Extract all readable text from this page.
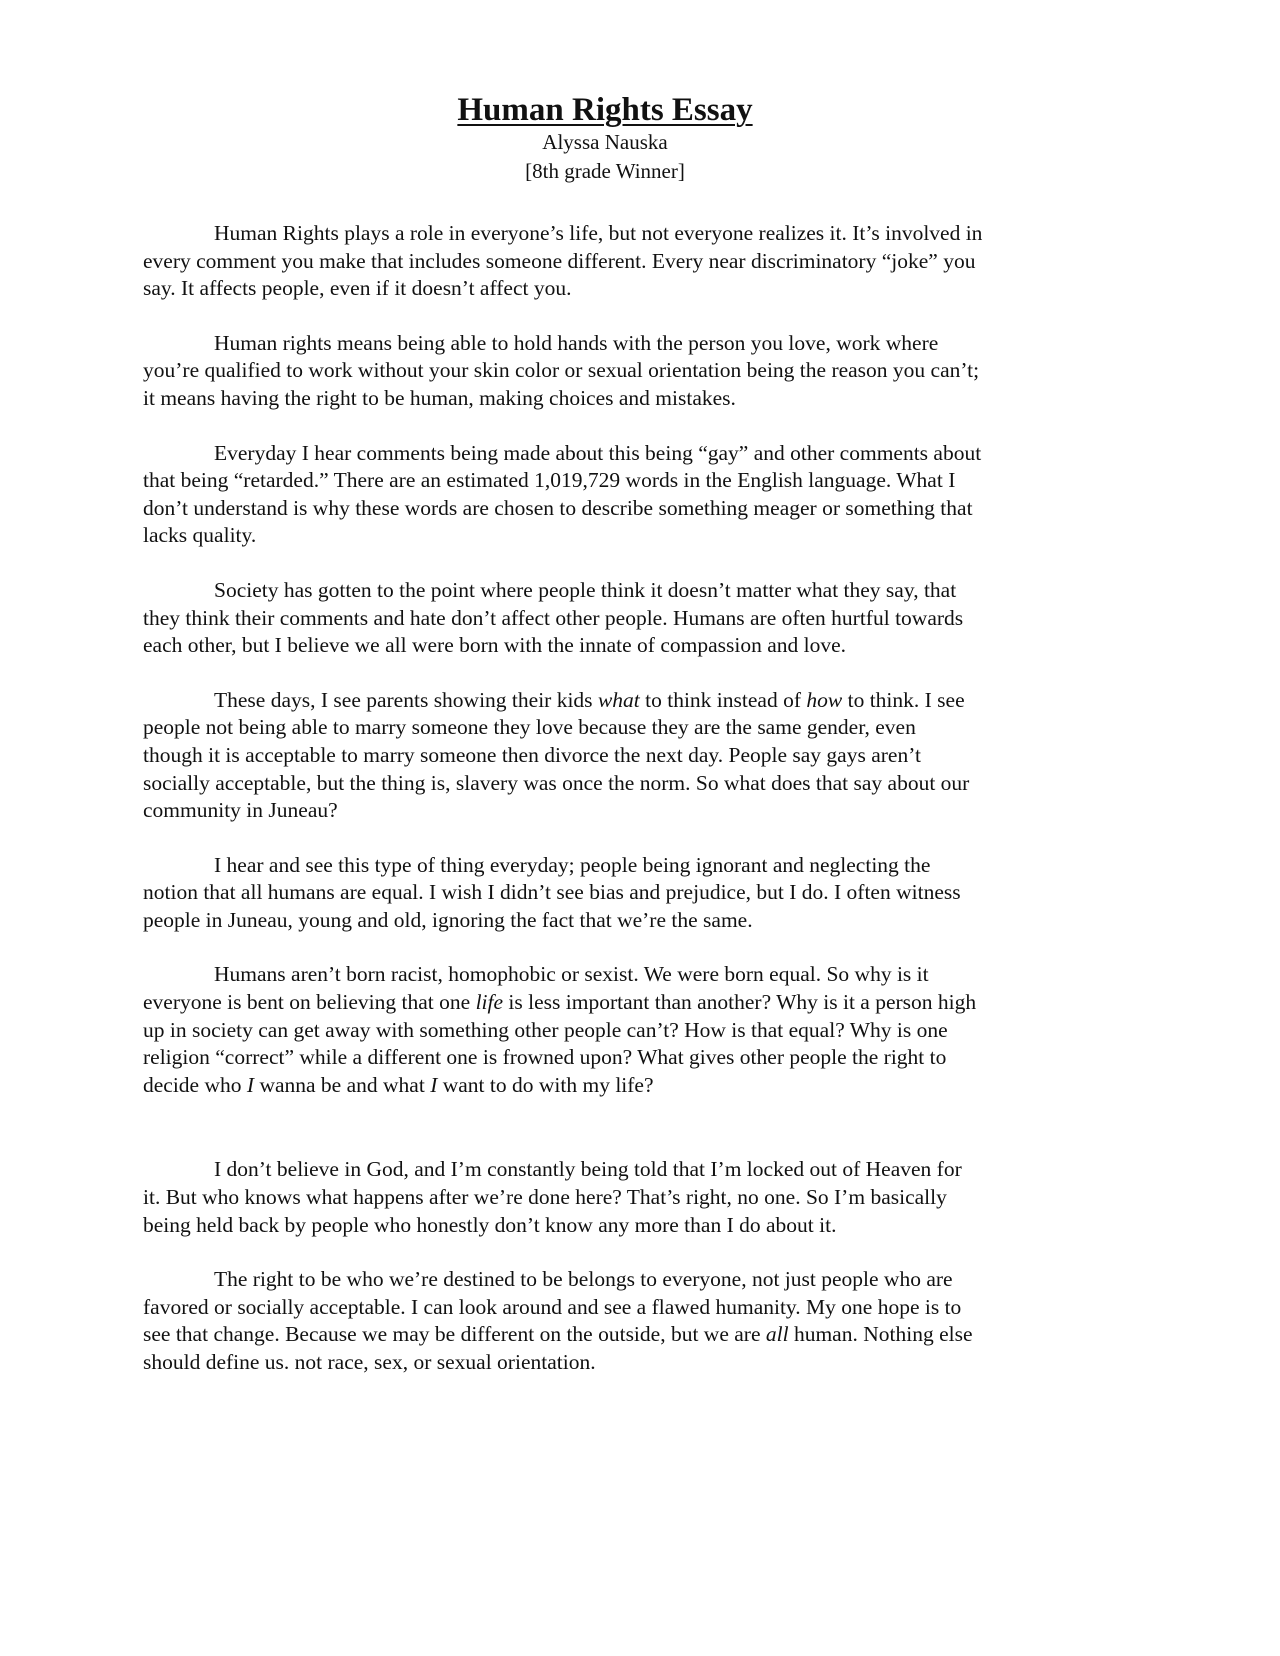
Human Rights Essay
Alyssa Nauska
[8th grade Winner]

Human Rights plays a role in everyone’s life, but not everyone realizes it. It’s involved in
every comment you make that includes someone different. Every near discriminatory “joke” you
say. It affects people, even if it doesn’t affect you.

Human rights means being able to hold hands with the person you love, work where
you’re qualified to work without your skin color or sexual orientation being the reason you can’t;
it means having the right to be human, making choices and mistakes.

Everyday I hear comments being made about this being “gay” and other comments about
that being “retarded.” There are an estimated 1,019,729 words in the English language. What I
don’t understand is why these words are chosen to describe something meager or something that
lacks quality.

Society has gotten to the point where people think it doesn’t matter what they say, that
they think their comments and hate don’t affect other people. Humans are often hurtful towards
each other, but I believe we all were born with the innate of compassion and love.

These days, I see parents showing their kids what to think instead of how to think. I see
people not being able to marry someone they love because they are the same gender, even
though it is acceptable to marry someone then divorce the next day. People say gays aren’t
socially acceptable, but the thing is, slavery was once the norm. So what does that say about our
community in Juneau?

I hear and see this type of thing everyday; people being ignorant and neglecting the
notion that all humans are equal. I wish I didn’t see bias and prejudice, but I do. I often witness
people in Juneau, young and old, ignoring the fact that we’re the same.

Humans aren’t born racist, homophobic or sexist. We were born equal. So why is it
everyone is bent on believing that one life is less important than another? Why is it a person high
up in society can get away with something other people can’t? How is that equal? Why is one
religion “correct” while a different one is frowned upon? What gives other people the right to
decide who I wanna be and what I want to do with my life?

I don’t believe in God, and I’m constantly being told that I’m locked out of Heaven for
it. But who knows what happens after we’re done here? That’s right, no one. So I’m basically
being held back by people who honestly don’t know any more than I do about it.

The right to be who we’re destined to be belongs to everyone, not just people who are
favored or socially acceptable. I can look around and see a flawed humanity. My one hope is to
see that change. Because we may be different on the outside, but we are all human. Nothing else
should define us. not race, sex, or sexual orientation.
